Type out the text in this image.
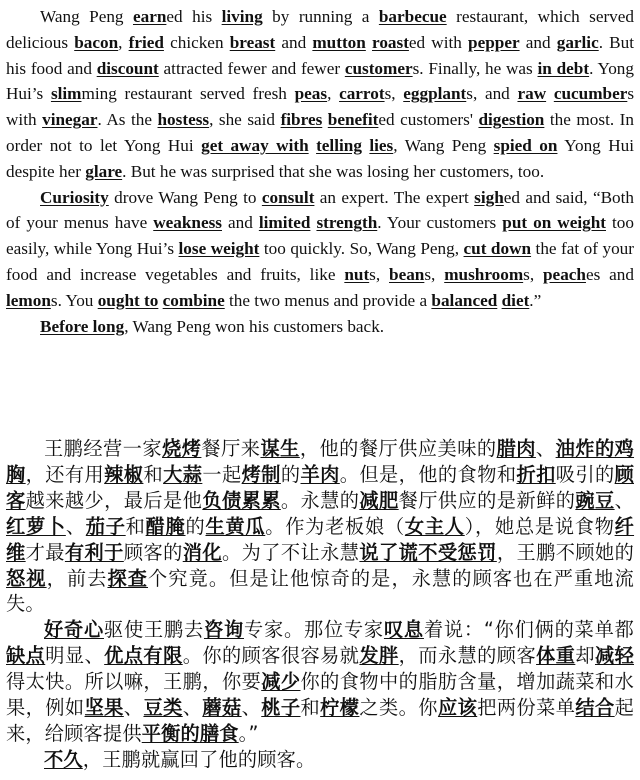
Wang Peng earned his living by running a barbecue restaurant, which served delicious bacon, fried chicken breast and mutton roasted with pepper and garlic. But his food and discount attracted fewer and fewer customers. Finally, he was in debt. Yong Hui’s slimming restaurant served fresh peas, carrots, eggplants, and raw cucumbers with vinegar. As the hostess, she said fibres benefited customers' digestion the most. In order not to let Yong Hui get away with telling lies, Wang Peng spied on Yong Hui despite her glare. But he was surprised that she was losing her customers, too.

Curiosity drove Wang Peng to consult an expert. The expert sighed and said, “Both of your menus have weakness and limited strength. Your customers put on weight too easily, while Yong Hui’s lose weight too quickly. So, Wang Peng, cut down the fat of your food and increase vegetables and fruits, like nuts, beans, mushrooms, peaches and lemons. You ought to combine the two menus and provide a balanced diet.”

Before long, Wang Peng won his customers back.

王鹏经营一家烧烤餐厅来谋生，他的餐厅供应美味的腊肉、油炸的鸡胸，还有用辣椒和大蒜一起烤制的羊肉。但是，他的食物和折扣吸引的顾客越来越少，最后是他负债累累。永慧的减肥餐厅供应的是新鲜的豌豆、红萝卜、茄子和醋腌的生黄瓜。作为老板娘（女主人），她总是说食物纤维才最有利于顾客的消化。为了不让永慧说了谎不受惩罚，王鹏不顾她的怒视，前去探查个究竟。但是让他惊奇的是，永慧的顾客也在严重地流失。

好奇心驱使王鹏去咨询专家。那位专家叹息着说：“你们俩的菜单都缺点明显、优点有限。你的顾客很容易就发胖，而永慧的顾客体重却减轻得太快。所以嘛，王鹏，你要减少你的食物中的脂肪含量，增加蔬菜和水果，例如坚果、豆类、蘑菇、桃子和柠檬之类。你应该把两份菜单结合起来，给顾客提供平衡的膳食。”

不久，王鹏就赢回了他的顾客。
